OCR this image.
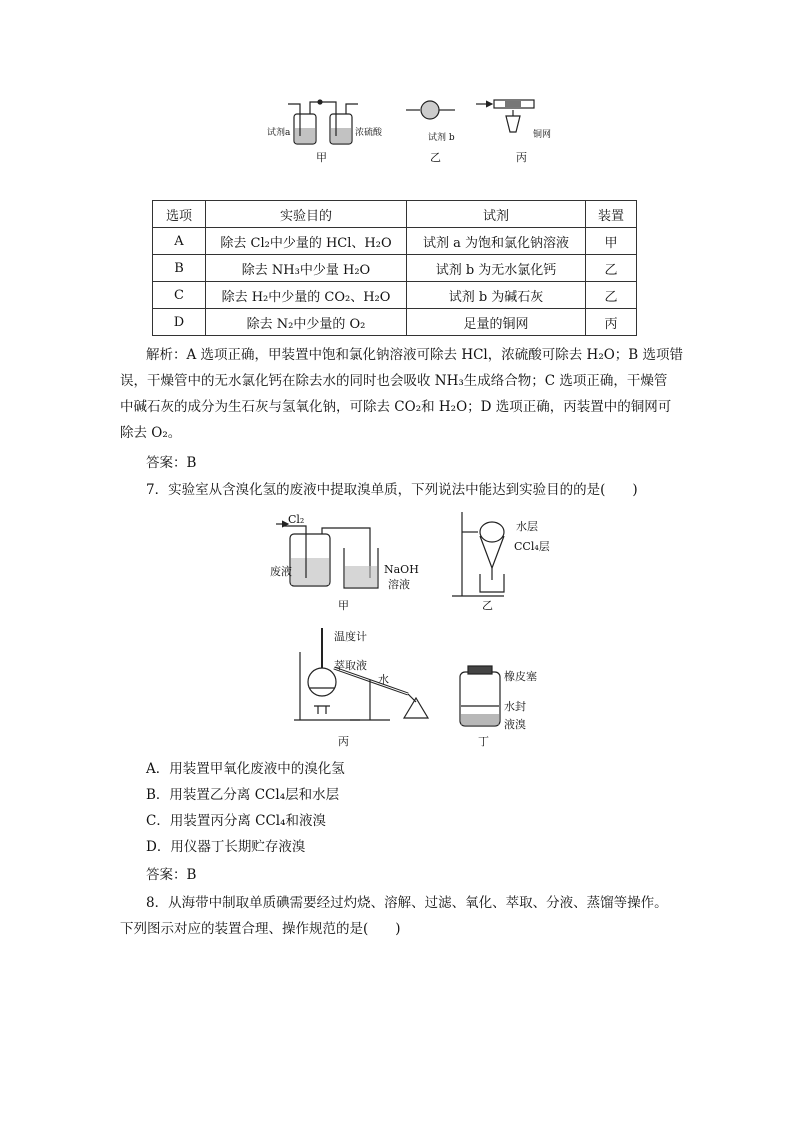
试剂a	浓硫酸	试剂 b	铜网
甲	乙	丙
选项	实验目的	试剂	装置
A	除去 Cl₂中少量的 HCl、H₂O	试剂 a 为饱和氯化钠溶液	甲
B	除去 NH₃中少量 H₂O	试剂 b 为无水氯化钙	乙
C	除去 H₂中少量的 CO₂、H₂O	试剂 b 为碱石灰	乙
D	除去 N₂中少量的 O₂	足量的铜网	丙
解析：A 选项正确，甲装置中饱和氯化钠溶液可除去 HCl，浓硫酸可除去 H₂O；B 选项错
误，干燥管中的无水氯化钙在除去水的同时也会吸收 NH₃生成络合物；C 选项正确，干燥管
中碱石灰的成分为生石灰与氢氧化钠，可除去 CO₂和 H₂O；D 选项正确，丙装置中的铜网可
除去 O₂。
答案：B
7．实验室从含溴化氢的废液中提取溴单质，下列说法中能达到实验目的的是(　　)
Cl₂
废液	NaOH
溶液
甲
水层
CCl₄层
乙
温度计
萃取液
水
丙
橡皮塞
水封
液溴
丁
A．用装置甲氧化废液中的溴化氢
B．用装置乙分离 CCl₄层和水层
C．用装置丙分离 CCl₄和液溴
D．用仪器丁长期贮存液溴
答案：B
8．从海带中制取单质碘需要经过灼烧、溶解、过滤、氧化、萃取、分液、蒸馏等操作。
下列图示对应的装置合理、操作规范的是(　　)
